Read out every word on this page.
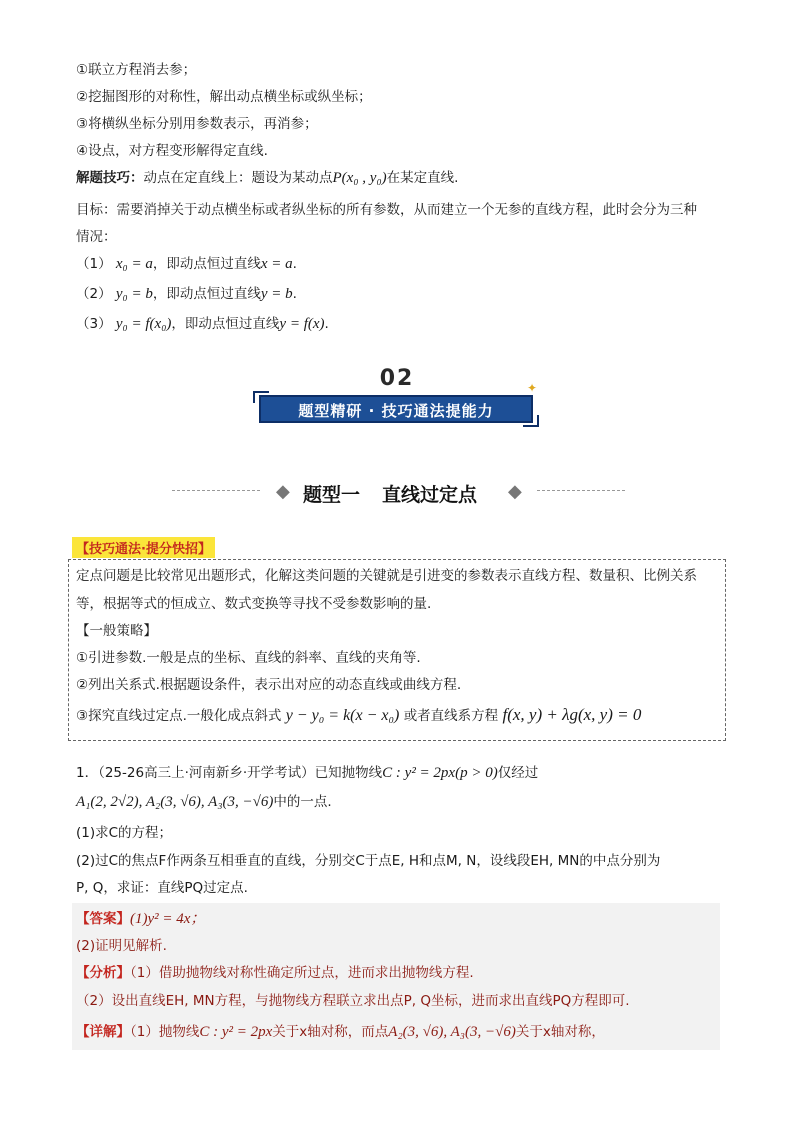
①联立方程消去参；
②挖掘图形的对称性，解出动点横坐标或纵坐标；
③将横纵坐标分别用参数表示，再消参；
④设点，对方程变形解得定直线.
解题技巧：动点在定直线上：题设为某动点P(x₀ , y₀)在某定直线.
目标：需要消掉关于动点横坐标或者纵坐标的所有参数，从而建立一个无参的直线方程，此时会分为三种
情况：
（1） x₀ = a，即动点恒过直线x = a.
（2） y₀ = b，即动点恒过直线y = b.
（3） y₀ = f(x₀)，即动点恒过直线y = f(x).
02	✦
题型精研 · 技巧通法提能力
◆ 题型一 直线过定点 ◆
【技巧通法·提分快招】
定点问题是比较常见出题形式，化解这类问题的关键就是引进变的参数表示直线方程、数量积、比例关系
等，根据等式的恒成立、数式变换等寻找不受参数影响的量.
【一般策略】
①引进参数.一般是点的坐标、直线的斜率、直线的夹角等.
②列出关系式.根据题设条件，表示出对应的动态直线或曲线方程.
③探究直线过定点.一般化成点斜式 y − y₀ = k(x − x₀) 或者直线系方程 f(x, y) + λg(x, y) = 0
1．（25-26高三上·河南新乡·开学考试）已知抛物线C : y² = 2px(p > 0)仅经过
A₁(2, 2√2), A₂(3, √6), A₃(3, −√6)中的一点.
(1)求C的方程；
(2)过C的焦点F作两条互相垂直的直线，分别交C于点E, H和点M, N，设线段EH, MN的中点分别为
P, Q，求证：直线PQ过定点.
【答案】(1)y² = 4x；
(2)证明见解析.
【分析】（1）借助抛物线对称性确定所过点，进而求出抛物线方程.
（2）设出直线EH, MN方程，与抛物线方程联立求出点P, Q坐标，进而求出直线PQ方程即可.
【详解】（1）抛物线C : y² = 2px关于x轴对称，而点A₂(3, √6), A₃(3, −√6)关于x轴对称，
